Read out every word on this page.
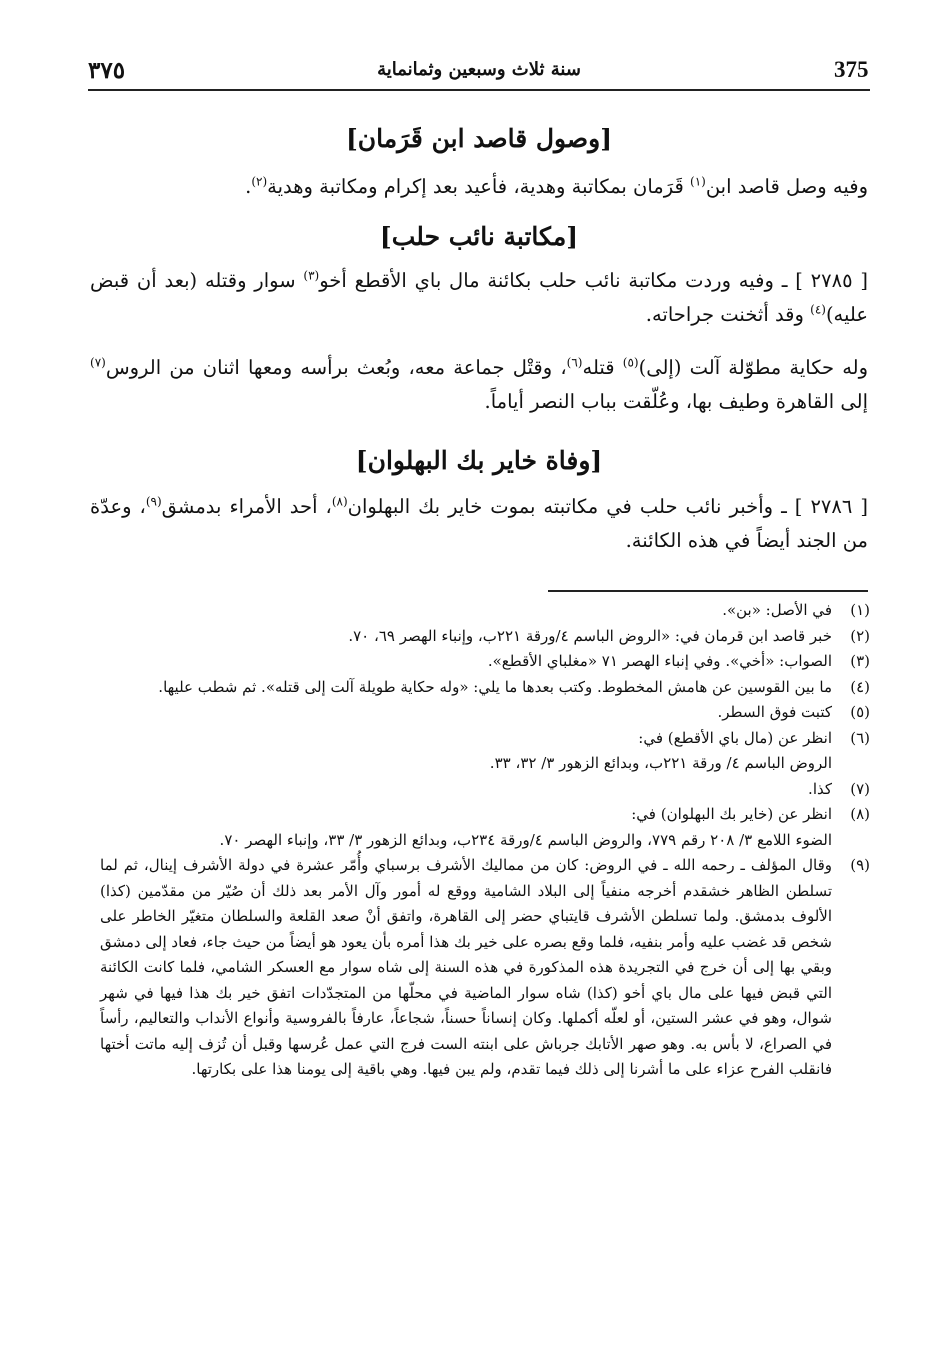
375
سنة ثلاث وسبعين وثمانماية
٣٧٥
[وصول قاصد ابن قَرَمان]
وفيه وصل قاصد ابن$^{(١)}$ قَرَمان بمكاتبة وهدية، فأعيد بعد إكرام ومكاتبة وهدية$^{(٢)}$.
[مكاتبة نائب حلب]
[ ٢٧٨٥ ] ـ وفيه وردت مكاتبة نائب حلب بكائنة مال باي الأقطع أخو$^{(٣)}$ سوار وقتله (بعد أن قبض عليه)$^{(٤)}$ وقد أثخنت جراحاته.
وله حكاية مطوّلة آلت (إلى)$^{(٥)}$ قتله$^{(٦)}$، وقتْل جماعة معه، وبُعث برأسه ومعها اثنان من الروس$^{(٧)}$ إلى القاهرة وطيف بها، وعُلّقت بباب النصر أياماً.
[وفاة خاير بك البهلوان]
[ ٢٧٨٦ ] ـ وأخبر نائب حلب في مكاتبته بموت خاير بك البهلوان$^{(٨)}$، أحد الأمراء بدمشق$^{(٩)}$، وعدّة من الجند أيضاً في هذه الكائنة.
(١)
في الأصل: «بن».
(٢)
خبر قاصد ابن قرمان في: «الروض الباسم ٤/ورقة ٢٢١ب، وإنباء الهصر ٦٩، ٧٠.
(٣)
الصواب: «أخي». وفي إنباء الهصر ٧١ «مغلباي الأقطع».
(٤)
ما بين القوسين عن هامش المخطوط. وكتب بعدها ما يلي: «وله حكاية طويلة آلت إلى قتله». ثم شطب عليها.
(٥)
كتبت فوق السطر.
(٦)
انظر عن (مال باي الأقطع) في:
الروض الباسم ٤/ ورقة ٢٢١ب، وبدائع الزهور ٣/ ٣٢، ٣٣.
(٧)
كذا.
(٨)
انظر عن (خاير بك البهلوان) في:
الضوء اللامع ٣/ ٢٠٨ رقم ٧٧٩، والروض الباسم ٤/ورقة ٢٣٤ب، وبدائع الزهور ٣/ ٣٣، وإنباء الهصر ٧٠.
(٩)
وقال المؤلف ـ رحمه الله ـ في الروض: كان من مماليك الأشرف برسباي وأُمّر عشرة في دولة الأشرف إينال، ثم لما تسلطن الظاهر خشقدم أخرجه منفياً إلى البلاد الشامية ووقع له أمور وآل الأمر بعد ذلك أن صُيّر من مقدّمين (كذا) الألوف بدمشق. ولما تسلطن الأشرف قايتباي حضر إلى القاهرة، واتفق أنْ صعد القلعة والسلطان متغيّر الخاطر على شخص قد غضب عليه وأمر بنفيه، فلما وقع بصره على خير بك هذا أمره بأن يعود هو أيضاً من حيث جاء، فعاد إلى دمشق وبقي بها إلى أن خرج في التجريدة هذه المذكورة في هذه السنة إلى شاه سوار مع العسكر الشامي، فلما كانت الكائنة التي قبض فيها على مال باي أخو (كذا) شاه سوار الماضية في محلّها من المتجدّدات اتفق خير بك هذا فيها في شهر شوال، وهو في عشر الستين، أو لعلّه أكملها. وكان إنساناً حسناً، شجاعاً، عارفاً بالفروسية وأنواع الأنداب والتعاليم، رأساً في الصراع، لا بأس به. وهو صهر الأتابك جرباش على ابنته الست فرج التي عمل عُرسها وقبل أن تُزف إليه ماتت أختها فانقلب الفرح عزاء على ما أشرنا إلى ذلك فيما تقدم، ولم يبن فيها. وهي باقية إلى يومنا هذا على بكارتها.
